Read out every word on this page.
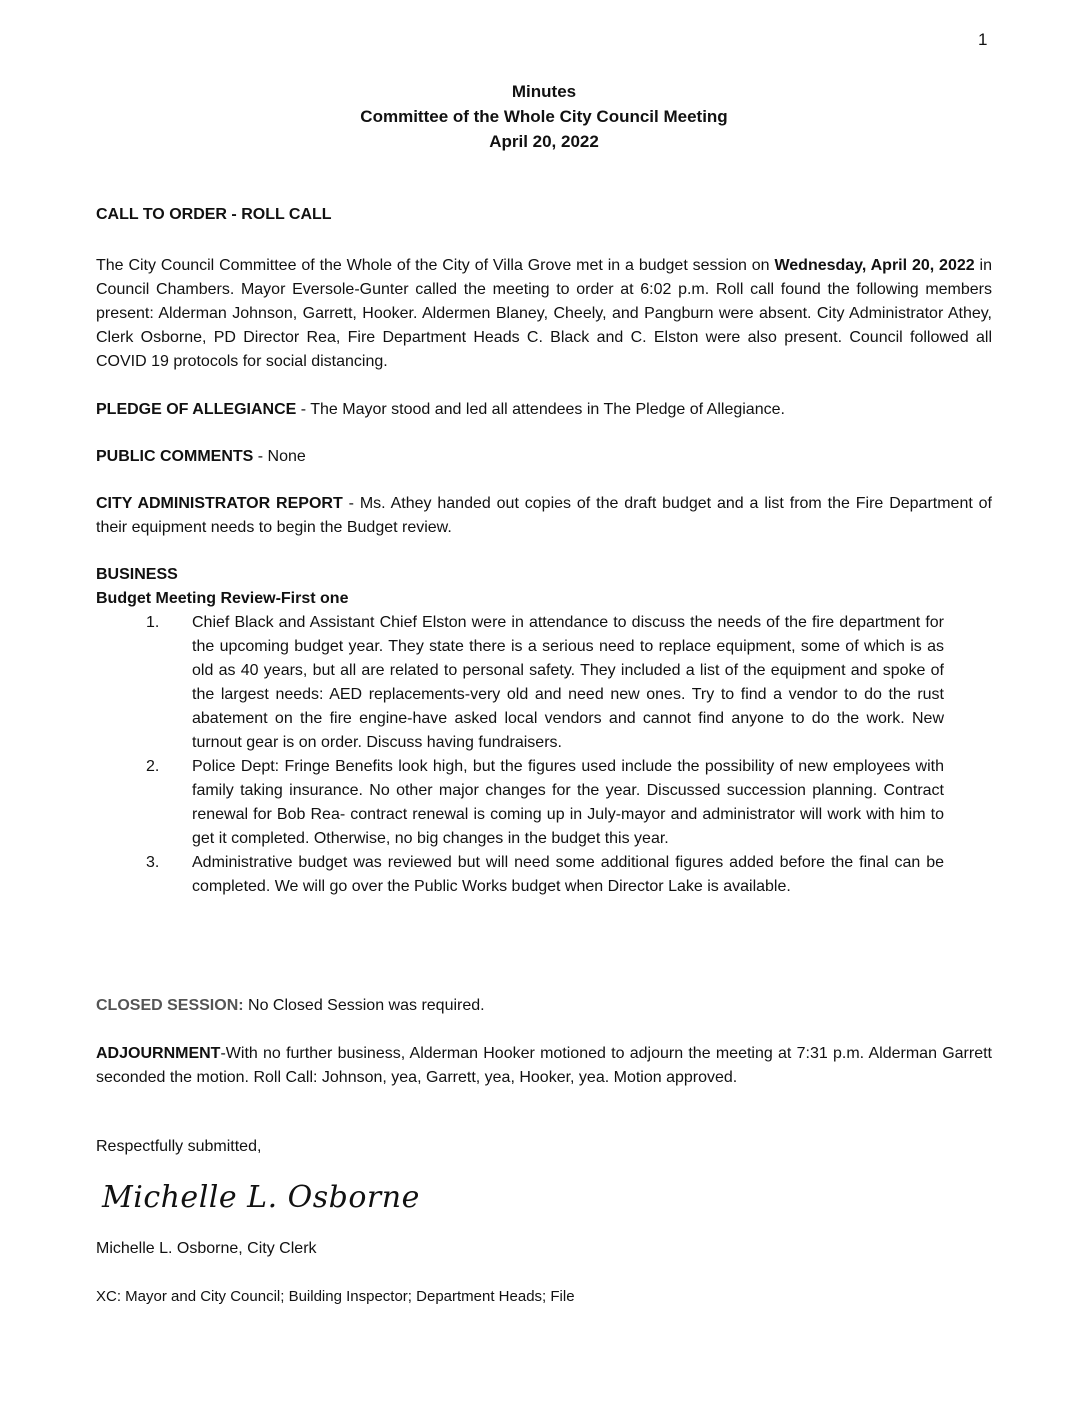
1
Minutes
Committee of the Whole City Council Meeting
April 20, 2022
CALL TO ORDER - ROLL CALL
The City Council Committee of the Whole of the City of Villa Grove met in a budget session on Wednesday, April 20, 2022 in Council Chambers. Mayor Eversole-Gunter called the meeting to order at 6:02 p.m. Roll call found the following members present: Alderman Johnson, Garrett, Hooker. Aldermen Blaney, Cheely, and Pangburn were absent. City Administrator Athey, Clerk Osborne, PD Director Rea, Fire Department Heads C. Black and C. Elston were also present. Council followed all COVID 19 protocols for social distancing.
PLEDGE OF ALLEGIANCE - The Mayor stood and led all attendees in The Pledge of Allegiance.
PUBLIC COMMENTS - None
CITY ADMINISTRATOR REPORT - Ms. Athey handed out copies of the draft budget and a list from the Fire Department of their equipment needs to begin the Budget review.
BUSINESS
Budget Meeting Review-First one
1. Chief Black and Assistant Chief Elston were in attendance to discuss the needs of the fire department for the upcoming budget year. They state there is a serious need to replace equipment, some of which is as old as 40 years, but all are related to personal safety. They included a list of the equipment and spoke of the largest needs: AED replacements-very old and need new ones. Try to find a vendor to do the rust abatement on the fire engine-have asked local vendors and cannot find anyone to do the work. New turnout gear is on order. Discuss having fundraisers.
2. Police Dept: Fringe Benefits look high, but the figures used include the possibility of new employees with family taking insurance. No other major changes for the year. Discussed succession planning. Contract renewal for Bob Rea- contract renewal is coming up in July-mayor and administrator will work with him to get it completed. Otherwise, no big changes in the budget this year.
3. Administrative budget was reviewed but will need some additional figures added before the final can be completed. We will go over the Public Works budget when Director Lake is available.
CLOSED SESSION: No Closed Session was required.
ADJOURNMENT-With no further business, Alderman Hooker motioned to adjourn the meeting at 7:31 p.m. Alderman Garrett seconded the motion. Roll Call: Johnson, yea, Garrett, yea, Hooker, yea. Motion approved.
Respectfully submitted,
Michelle L. Osborne
Michelle L. Osborne, City Clerk
XC: Mayor and City Council; Building Inspector; Department Heads; File
